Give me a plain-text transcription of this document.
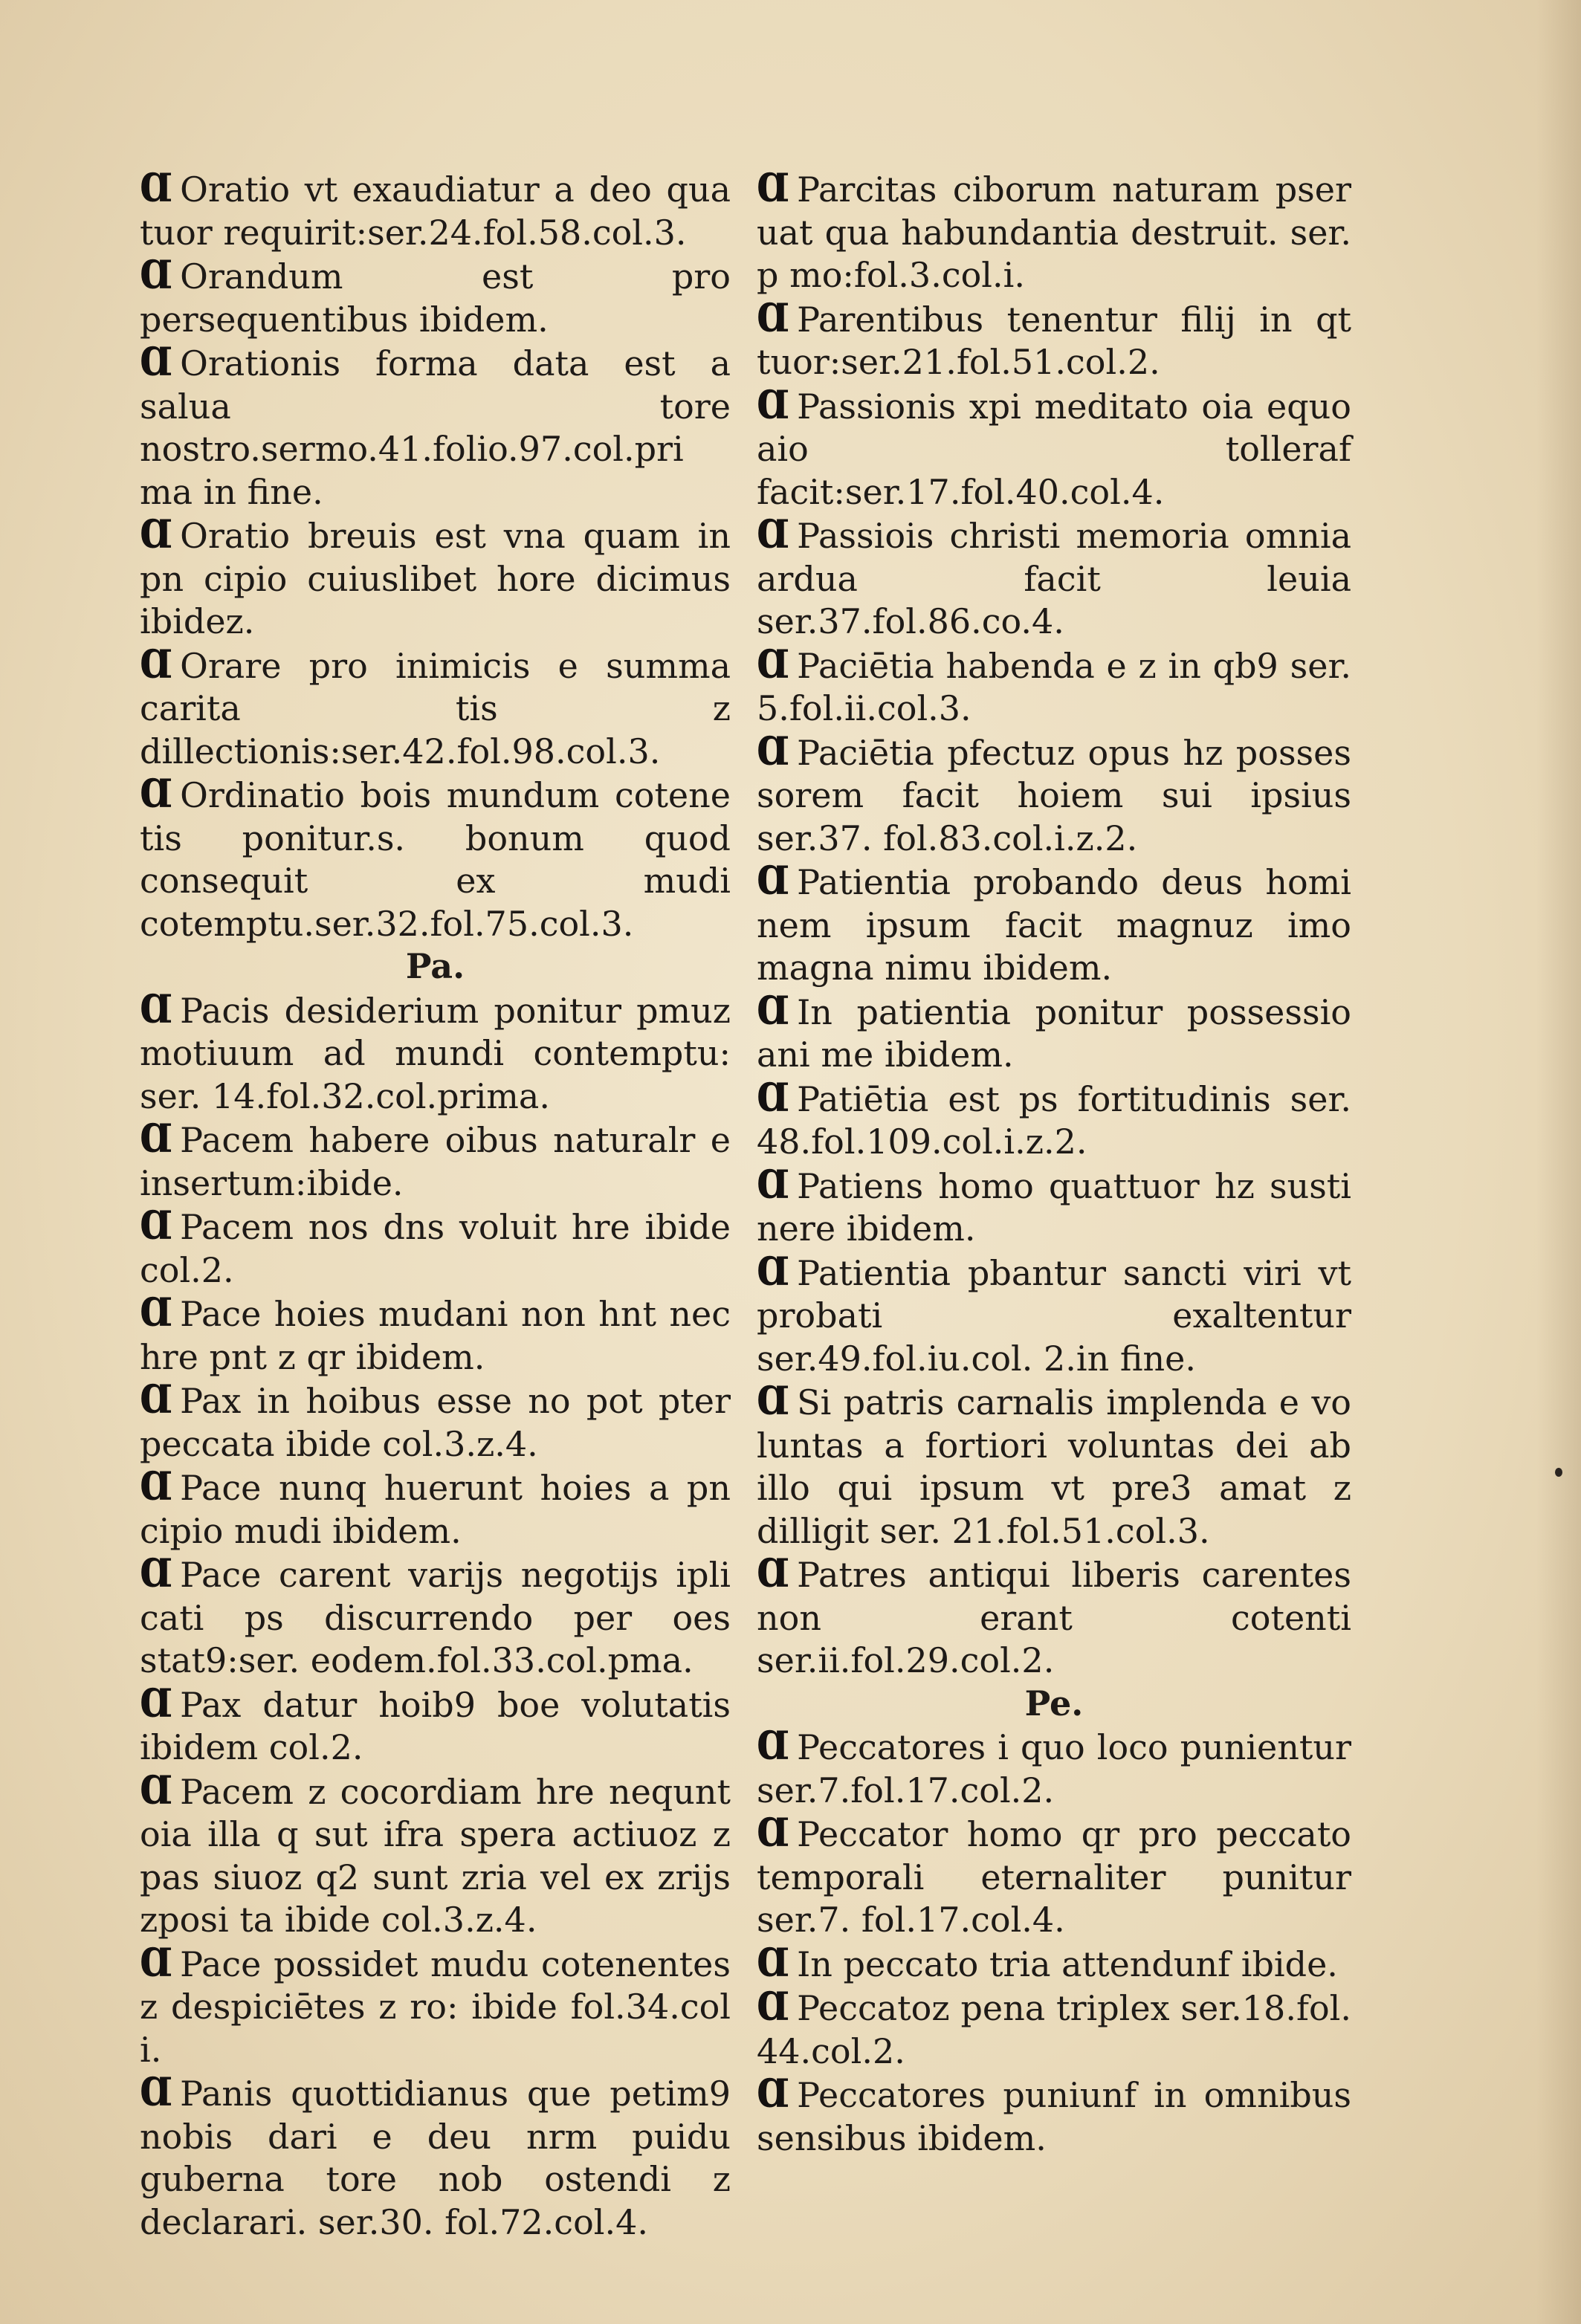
Ɑ Oratio vt exaudiatur a deo qua tuor requirit:ser.24.fol.58.col.3.

Ɑ Orandum est pro persequentibus ibidem.

Ɑ Orationis forma data est a salua tore nostro.sermo.41.folio.97.col.pri ma in fine.

Ɑ Oratio breuis est vna quam in pn cipio cuiuslibet hore dicimus ibidez.

Ɑ Orare pro inimicis e summa carita tis z dillectionis:ser.42.fol.98.col.3.

Ɑ Ordinatio bois mundum cotene tis ponitur.s. bonum quod consequit ex mudi cotemptu.ser.32.fol.75.col.3.

Pa.

Ɑ Pacis desiderium ponitur pmuz motiuum ad mundi contemptu: ser. 14.fol.32.col.prima.

Ɑ Pacem habere oibus naturalr e insertum:ibide.

Ɑ Pacem nos dns voluit hre ibide col.2.

Ɑ Pace hoies mudani non hnt nec hre pnt z qr ibidem.

Ɑ Pax in hoibus esse no pot pter peccata ibide col.3.z.4.

Ɑ Pace nunq huerunt hoies a pn cipio mudi ibidem.

Ɑ Pace carent varijs negotijs ipli cati ps discurrendo per oes stat9:ser. eodem.fol.33.col.pma.

Ɑ Pax datur hoib9 boe volutatis ibidem col.2.

Ɑ Pacem z cocordiam hre nequnt oia illa q sut ifra spera actiuoz z pas siuoz q2 sunt zria vel ex zrijs zposi ta ibide col.3.z.4.

Ɑ Pace possidet mudu cotenentes z despiciētes z ro: ibide fol.34.col i.

Ɑ Panis quottidianus que petim9 nobis dari e deu nrm puidu guberna tore nob ostendi z declarari. ser.30. fol.72.col.4.

Ɑ Parcitas ciborum naturam pser uat qua habundantia destruit. ser. p mo:fol.3.col.i.

Ɑ Parentibus tenentur filij in qt tuor:ser.21.fol.51.col.2.

Ɑ Passionis xpi meditato oia equo aio tolleraf facit:ser.17.fol.40.col.4.

Ɑ Passiois christi memoria omnia ardua facit leuia ser.37.fol.86.co.4.

Ɑ Paciētia habenda e z in qb9 ser. 5.fol.ii.col.3.

Ɑ Paciētia pfectuz opus hz posses sorem facit hoiem sui ipsius ser.37. fol.83.col.i.z.2.

Ɑ Patientia probando deus homi nem ipsum facit magnuz imo magna nimu ibidem.

Ɑ In patientia ponitur possessio ani me ibidem.

Ɑ Patiētia est ps fortitudinis ser. 48.fol.109.col.i.z.2.

Ɑ Patiens homo quattuor hz susti nere ibidem.

Ɑ Patientia pbantur sancti viri vt probati exaltentur ser.49.fol.iu.col. 2.in fine.

Ɑ Si patris carnalis implenda e vo luntas a fortiori voluntas dei ab illo qui ipsum vt pre3 amat z dilligit ser. 21.fol.51.col.3.

Ɑ Patres antiqui liberis carentes non erant cotenti ser.ii.fol.29.col.2.

Pe.

Ɑ Peccatores i quo loco punientur ser.7.fol.17.col.2.

Ɑ Peccator homo qr pro peccato temporali eternaliter punitur ser.7. fol.17.col.4.

Ɑ In peccato tria attendunf ibide.

Ɑ Peccatoz pena triplex ser.18.fol. 44.col.2.

Ɑ Peccatores puniunf in omnibus sensibus ibidem.
